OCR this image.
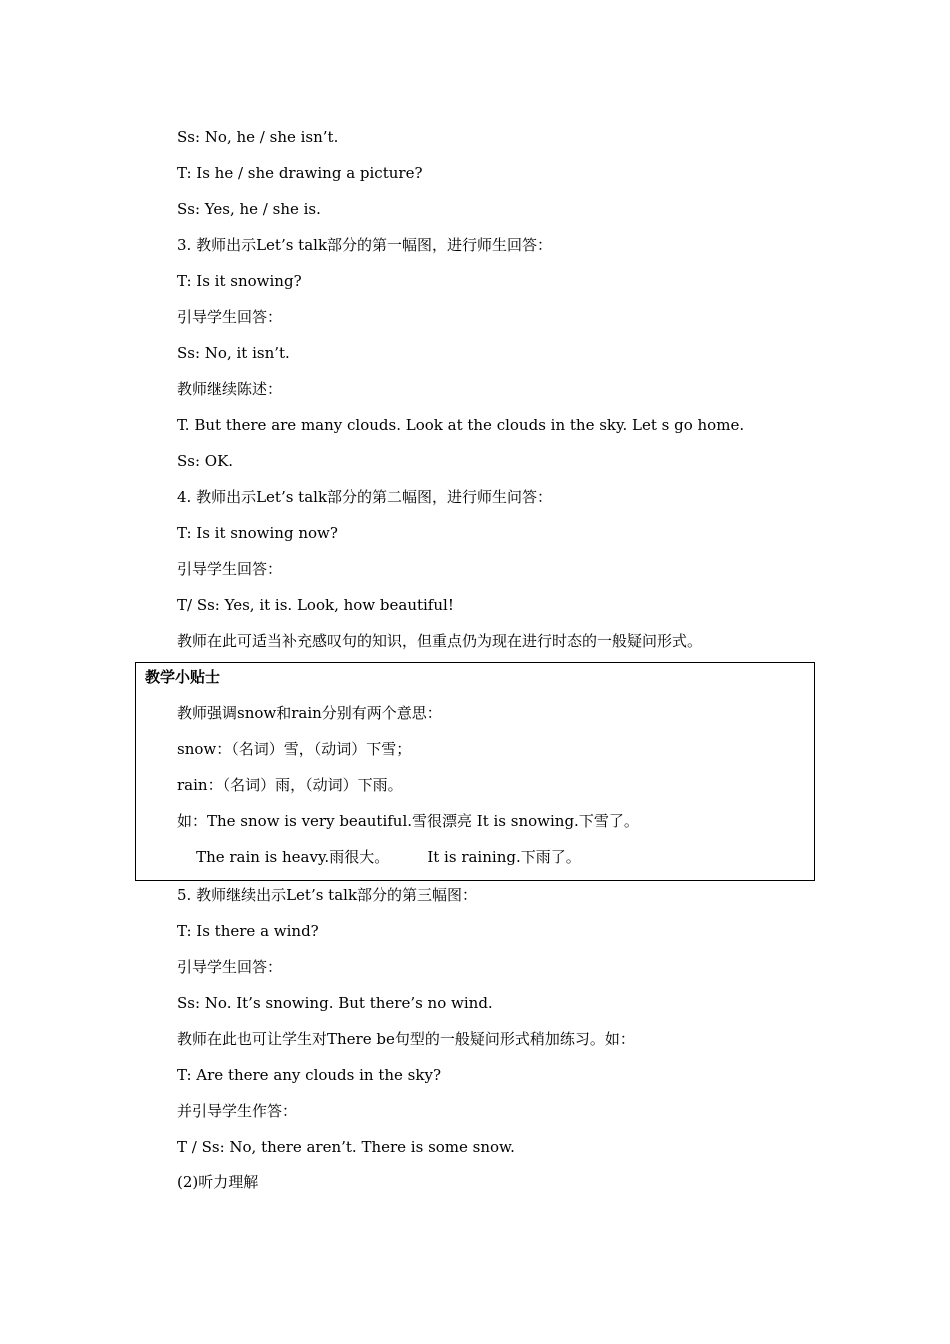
Ss: No, he / she isn’t.
T: Is he / she drawing a picture?
Ss: Yes, he / she is.
3. 教师出示Let’s talk部分的第一幅图，进行师生回答：
T: Is it snowing?
引导学生回答：
Ss: No, it isn’t.
教师继续陈述：
T. But there are many clouds. Look at the clouds in the sky. Let s go home.
Ss: OK.
4. 教师出示Let’s talk部分的第二幅图，进行师生问答：
T: Is it snowing now?
引导学生回答：
T/ Ss: Yes, it is. Look, how beautiful!
教师在此可适当补充感叹句的知识，但重点仍为现在进行时态的一般疑问形式。
教学小贴士
教师强调snow和rain分别有两个意思：
snow：（名词）雪，（动词）下雪；
rain：（名词）雨，（动词）下雨。
如：The snow is very beautiful.雪很漂亮 It is snowing.下雪了。
The rain is heavy.雨很大。        It is raining.下雨了。
5. 教师继续出示Let’s talk部分的第三幅图：
T: Is there a wind?
引导学生回答：
Ss: No. It’s snowing. But there’s no wind.
教师在此也可让学生对There be句型的一般疑问形式稍加练习。如：
T: Are there any clouds in the sky?
并引导学生作答：
T / Ss: No, there aren’t. There is some snow.
(2)听力理解
